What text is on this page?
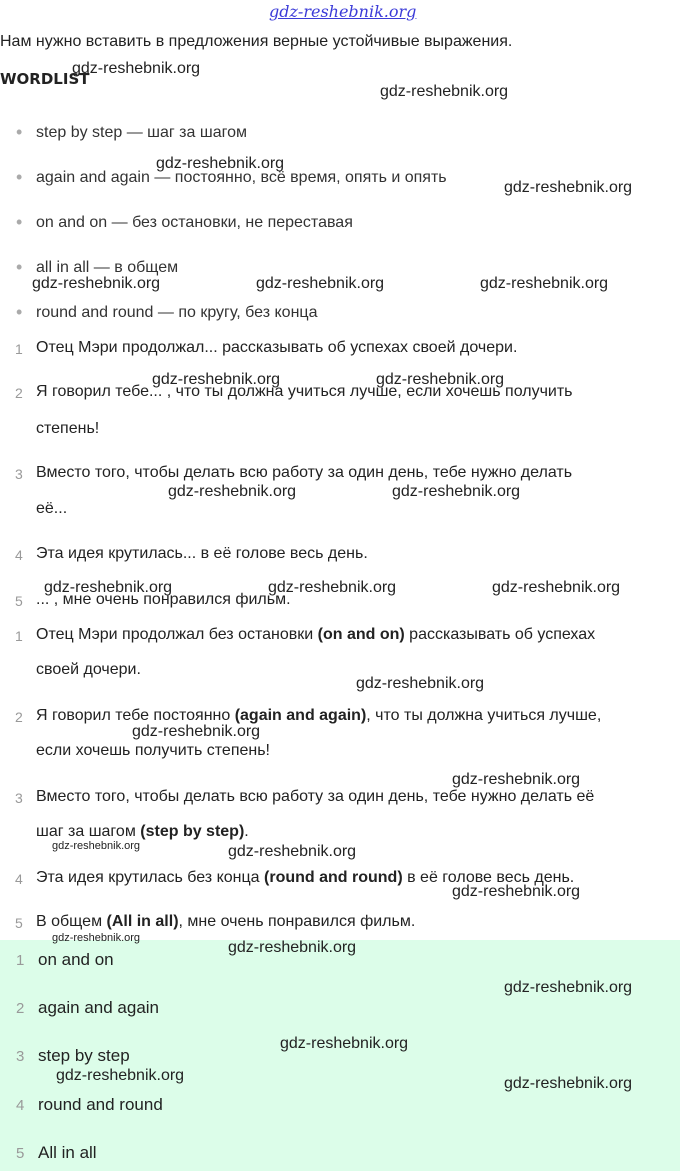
gdz-reshebnik.org
Нам нужно вставить в предложения верные устойчивые выражения.
WORDLIST
• step by step — шаг за шагом
• again and again — постоянно, всё время, опять и опять
• on and on — без остановки, не переставая
• all in all — в общем
• round and round — по кругу, без конца
1 Отец Мэри продолжал... рассказывать об успехах своей дочери.
2 Я говорил тебе... , что ты должна учиться лучше, если хочешь получить
степень!
3 Вместо того, чтобы делать всю работу за один день, тебе нужно делать
её...
4 Эта идея крутилась... в её голове весь день.
5 ... , мне очень понравился фильм.
1 Отец Мэри продолжал без остановки (on and on) рассказывать об успехах
своей дочери.
2 Я говорил тебе постоянно (again and again), что ты должна учиться лучше,
если хочешь получить степень!
3 Вместо того, чтобы делать всю работу за один день, тебе нужно делать её
шаг за шагом (step by step).
4 Эта идея крутилась без конца (round and round) в её голове весь день.
5 В общем (All in all), мне очень понравился фильм.
1 on and on
2 again and again
3 step by step
4 round and round
5 All in all
gdz-reshebnik.org
gdz-reshebnik.org
gdz-reshebnik.org
gdz-reshebnik.org
gdz-reshebnik.org	gdz-reshebnik.org	gdz-reshebnik.org
gdz-reshebnik.org	gdz-reshebnik.org
gdz-reshebnik.org	gdz-reshebnik.org
gdz-reshebnik.org	gdz-reshebnik.org	gdz-reshebnik.org
gdz-reshebnik.org
gdz-reshebnik.org
gdz-reshebnik.org
gdz-reshebnik.org	gdz-reshebnik.org
gdz-reshebnik.org
gdz-reshebnik.org
gdz-reshebnik.org
gdz-reshebnik.org
gdz-reshebnik.org
gdz-reshebnik.org	gdz-reshebnik.org
